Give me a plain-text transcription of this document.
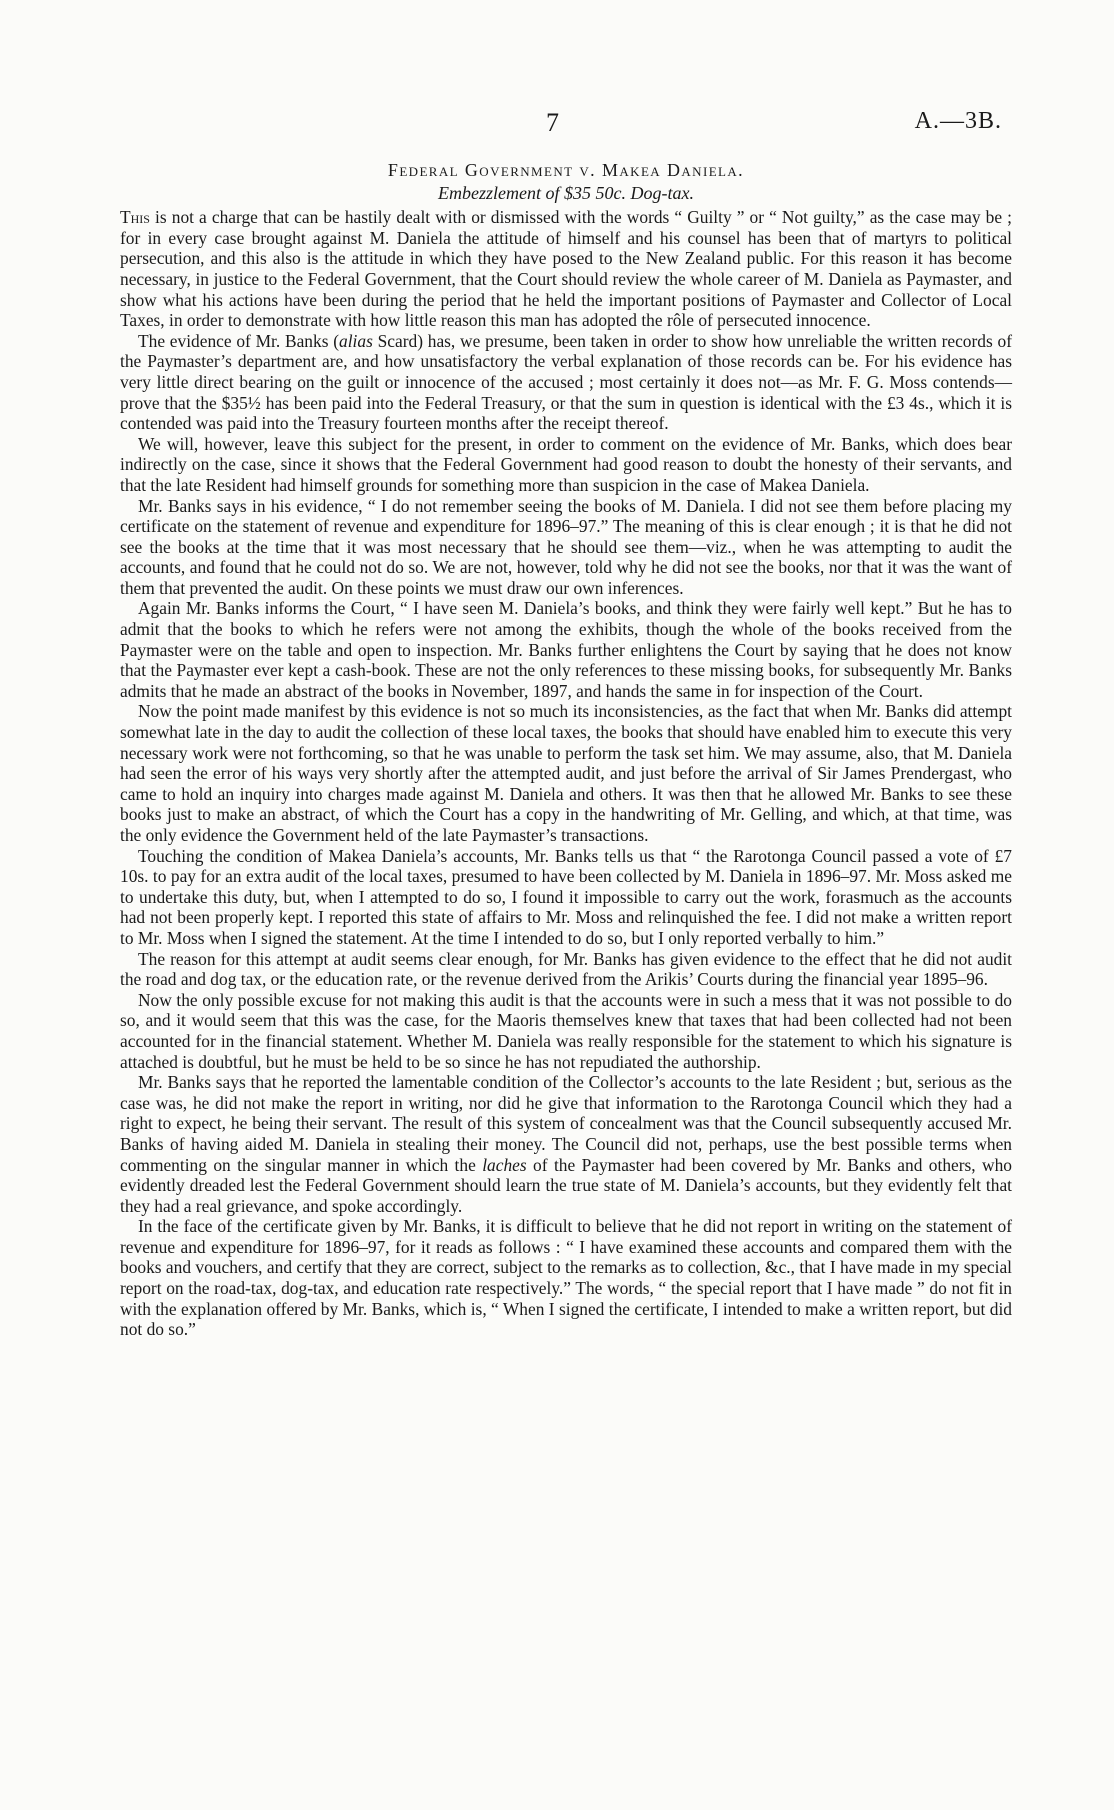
7	A.—3B.

Federal Government v. Makea Daniela.

Embezzlement of $35 50c. Dog-tax.

This is not a charge that can be hastily dealt with or dismissed with the words “ Guilty ” or “ Not guilty,” as the case may be ; for in every case brought against M. Daniela the attitude of himself and his counsel has been that of martyrs to political persecution, and this also is the attitude in which they have posed to the New Zealand public. For this reason it has become necessary, in justice to the Federal Government, that the Court should review the whole career of M. Daniela as Paymaster, and show what his actions have been during the period that he held the important positions of Paymaster and Collector of Local Taxes, in order to demonstrate with how little reason this man has adopted the rôle of persecuted innocence.

The evidence of Mr. Banks (alias Scard) has, we presume, been taken in order to show how unreliable the written records of the Paymaster’s department are, and how unsatisfactory the verbal explanation of those records can be. For his evidence has very little direct bearing on the guilt or innocence of the accused ; most certainly it does not—as Mr. F. G. Moss contends—prove that the $35½ has been paid into the Federal Treasury, or that the sum in question is identical with the £3 4s., which it is contended was paid into the Treasury fourteen months after the receipt thereof.

We will, however, leave this subject for the present, in order to comment on the evidence of Mr. Banks, which does bear indirectly on the case, since it shows that the Federal Government had good reason to doubt the honesty of their servants, and that the late Resident had himself grounds for something more than suspicion in the case of Makea Daniela.

Mr. Banks says in his evidence, “ I do not remember seeing the books of M. Daniela. I did not see them before placing my certificate on the statement of revenue and expenditure for 1896–97.” The meaning of this is clear enough ; it is that he did not see the books at the time that it was most necessary that he should see them—viz., when he was attempting to audit the accounts, and found that he could not do so. We are not, however, told why he did not see the books, nor that it was the want of them that prevented the audit. On these points we must draw our own inferences.

Again Mr. Banks informs the Court, “ I have seen M. Daniela’s books, and think they were fairly well kept.” But he has to admit that the books to which he refers were not among the exhibits, though the whole of the books received from the Paymaster were on the table and open to inspection. Mr. Banks further enlightens the Court by saying that he does not know that the Paymaster ever kept a cash-book. These are not the only references to these missing books, for subsequently Mr. Banks admits that he made an abstract of the books in November, 1897, and hands the same in for inspection of the Court.

Now the point made manifest by this evidence is not so much its inconsistencies, as the fact that when Mr. Banks did attempt somewhat late in the day to audit the collection of these local taxes, the books that should have enabled him to execute this very necessary work were not forthcoming, so that he was unable to perform the task set him. We may assume, also, that M. Daniela had seen the error of his ways very shortly after the attempted audit, and just before the arrival of Sir James Prendergast, who came to hold an inquiry into charges made against M. Daniela and others. It was then that he allowed Mr. Banks to see these books just to make an abstract, of which the Court has a copy in the handwriting of Mr. Gelling, and which, at that time, was the only evidence the Government held of the late Paymaster’s transactions.

Touching the condition of Makea Daniela’s accounts, Mr. Banks tells us that “ the Rarotonga Council passed a vote of £7 10s. to pay for an extra audit of the local taxes, presumed to have been collected by M. Daniela in 1896–97. Mr. Moss asked me to undertake this duty, but, when I attempted to do so, I found it impossible to carry out the work, forasmuch as the accounts had not been properly kept. I reported this state of affairs to Mr. Moss and relinquished the fee. I did not make a written report to Mr. Moss when I signed the statement. At the time I intended to do so, but I only reported verbally to him.”

The reason for this attempt at audit seems clear enough, for Mr. Banks has given evidence to the effect that he did not audit the road and dog tax, or the education rate, or the revenue derived from the Arikis’ Courts during the financial year 1895–96.

Now the only possible excuse for not making this audit is that the accounts were in such a mess that it was not possible to do so, and it would seem that this was the case, for the Maoris themselves knew that taxes that had been collected had not been accounted for in the financial statement. Whether M. Daniela was really responsible for the statement to which his signature is attached is doubtful, but he must be held to be so since he has not repudiated the authorship.

Mr. Banks says that he reported the lamentable condition of the Collector’s accounts to the late Resident ; but, serious as the case was, he did not make the report in writing, nor did he give that information to the Rarotonga Council which they had a right to expect, he being their servant. The result of this system of concealment was that the Council subsequently accused Mr. Banks of having aided M. Daniela in stealing their money. The Council did not, perhaps, use the best possible terms when commenting on the singular manner in which the laches of the Paymaster had been covered by Mr. Banks and others, who evidently dreaded lest the Federal Government should learn the true state of M. Daniela’s accounts, but they evidently felt that they had a real grievance, and spoke accordingly.

In the face of the certificate given by Mr. Banks, it is difficult to believe that he did not report in writing on the statement of revenue and expenditure for 1896–97, for it reads as follows : “ I have examined these accounts and compared them with the books and vouchers, and certify that they are correct, subject to the remarks as to collection, &c., that I have made in my special report on the road-tax, dog-tax, and education rate respectively.” The words, “ the special report that I have made ” do not fit in with the explanation offered by Mr. Banks, which is, “ When I signed the certificate, I intended to make a written report, but did not do so.”
